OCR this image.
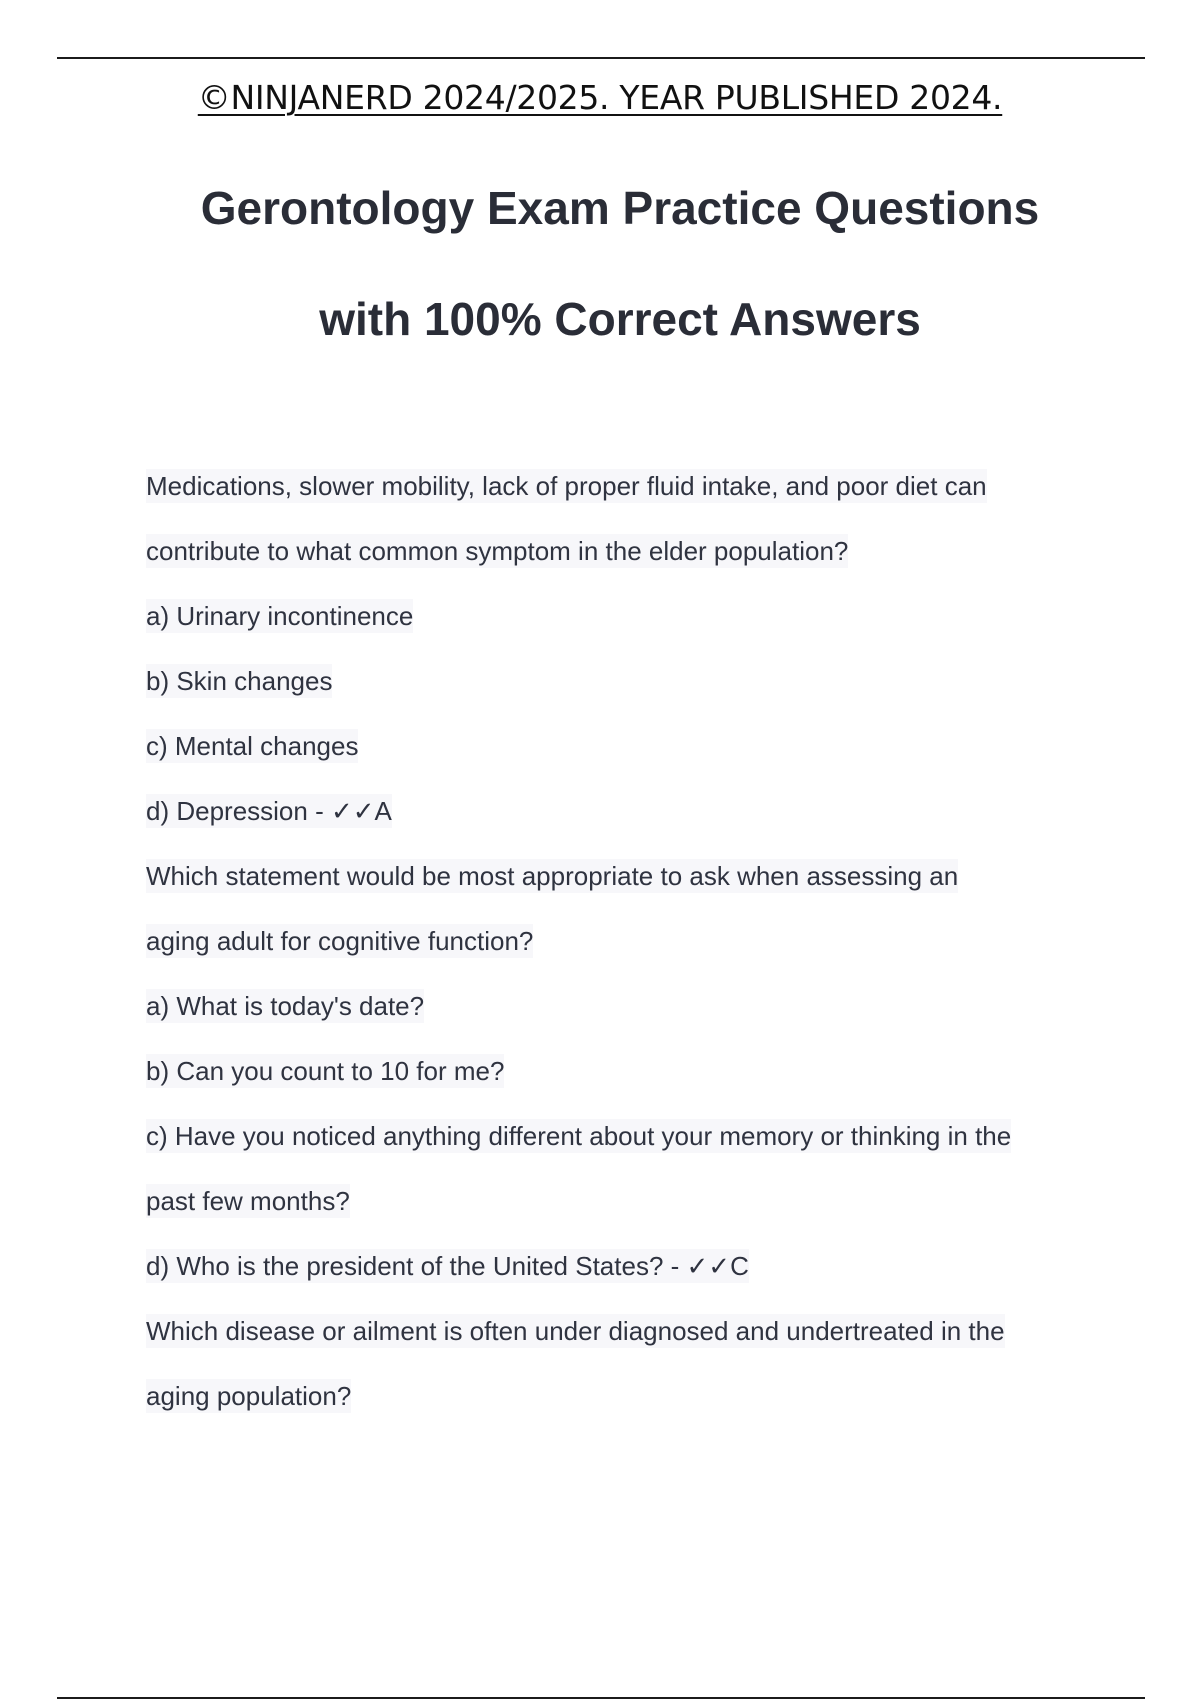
©NINJANERD 2024/2025. YEAR PUBLISHED 2024.
Gerontology Exam Practice Questions
with 100% Correct Answers
Medications, slower mobility, lack of proper fluid intake, and poor diet can
contribute to what common symptom in the elder population?
a) Urinary incontinence
b) Skin changes
c) Mental changes
d) Depression - ✓✓A
Which statement would be most appropriate to ask when assessing an
aging adult for cognitive function?
a) What is today's date?
b) Can you count to 10 for me?
c) Have you noticed anything different about your memory or thinking in the
past few months?
d) Who is the president of the United States? - ✓✓C
Which disease or ailment is often under diagnosed and undertreated in the
aging population?
